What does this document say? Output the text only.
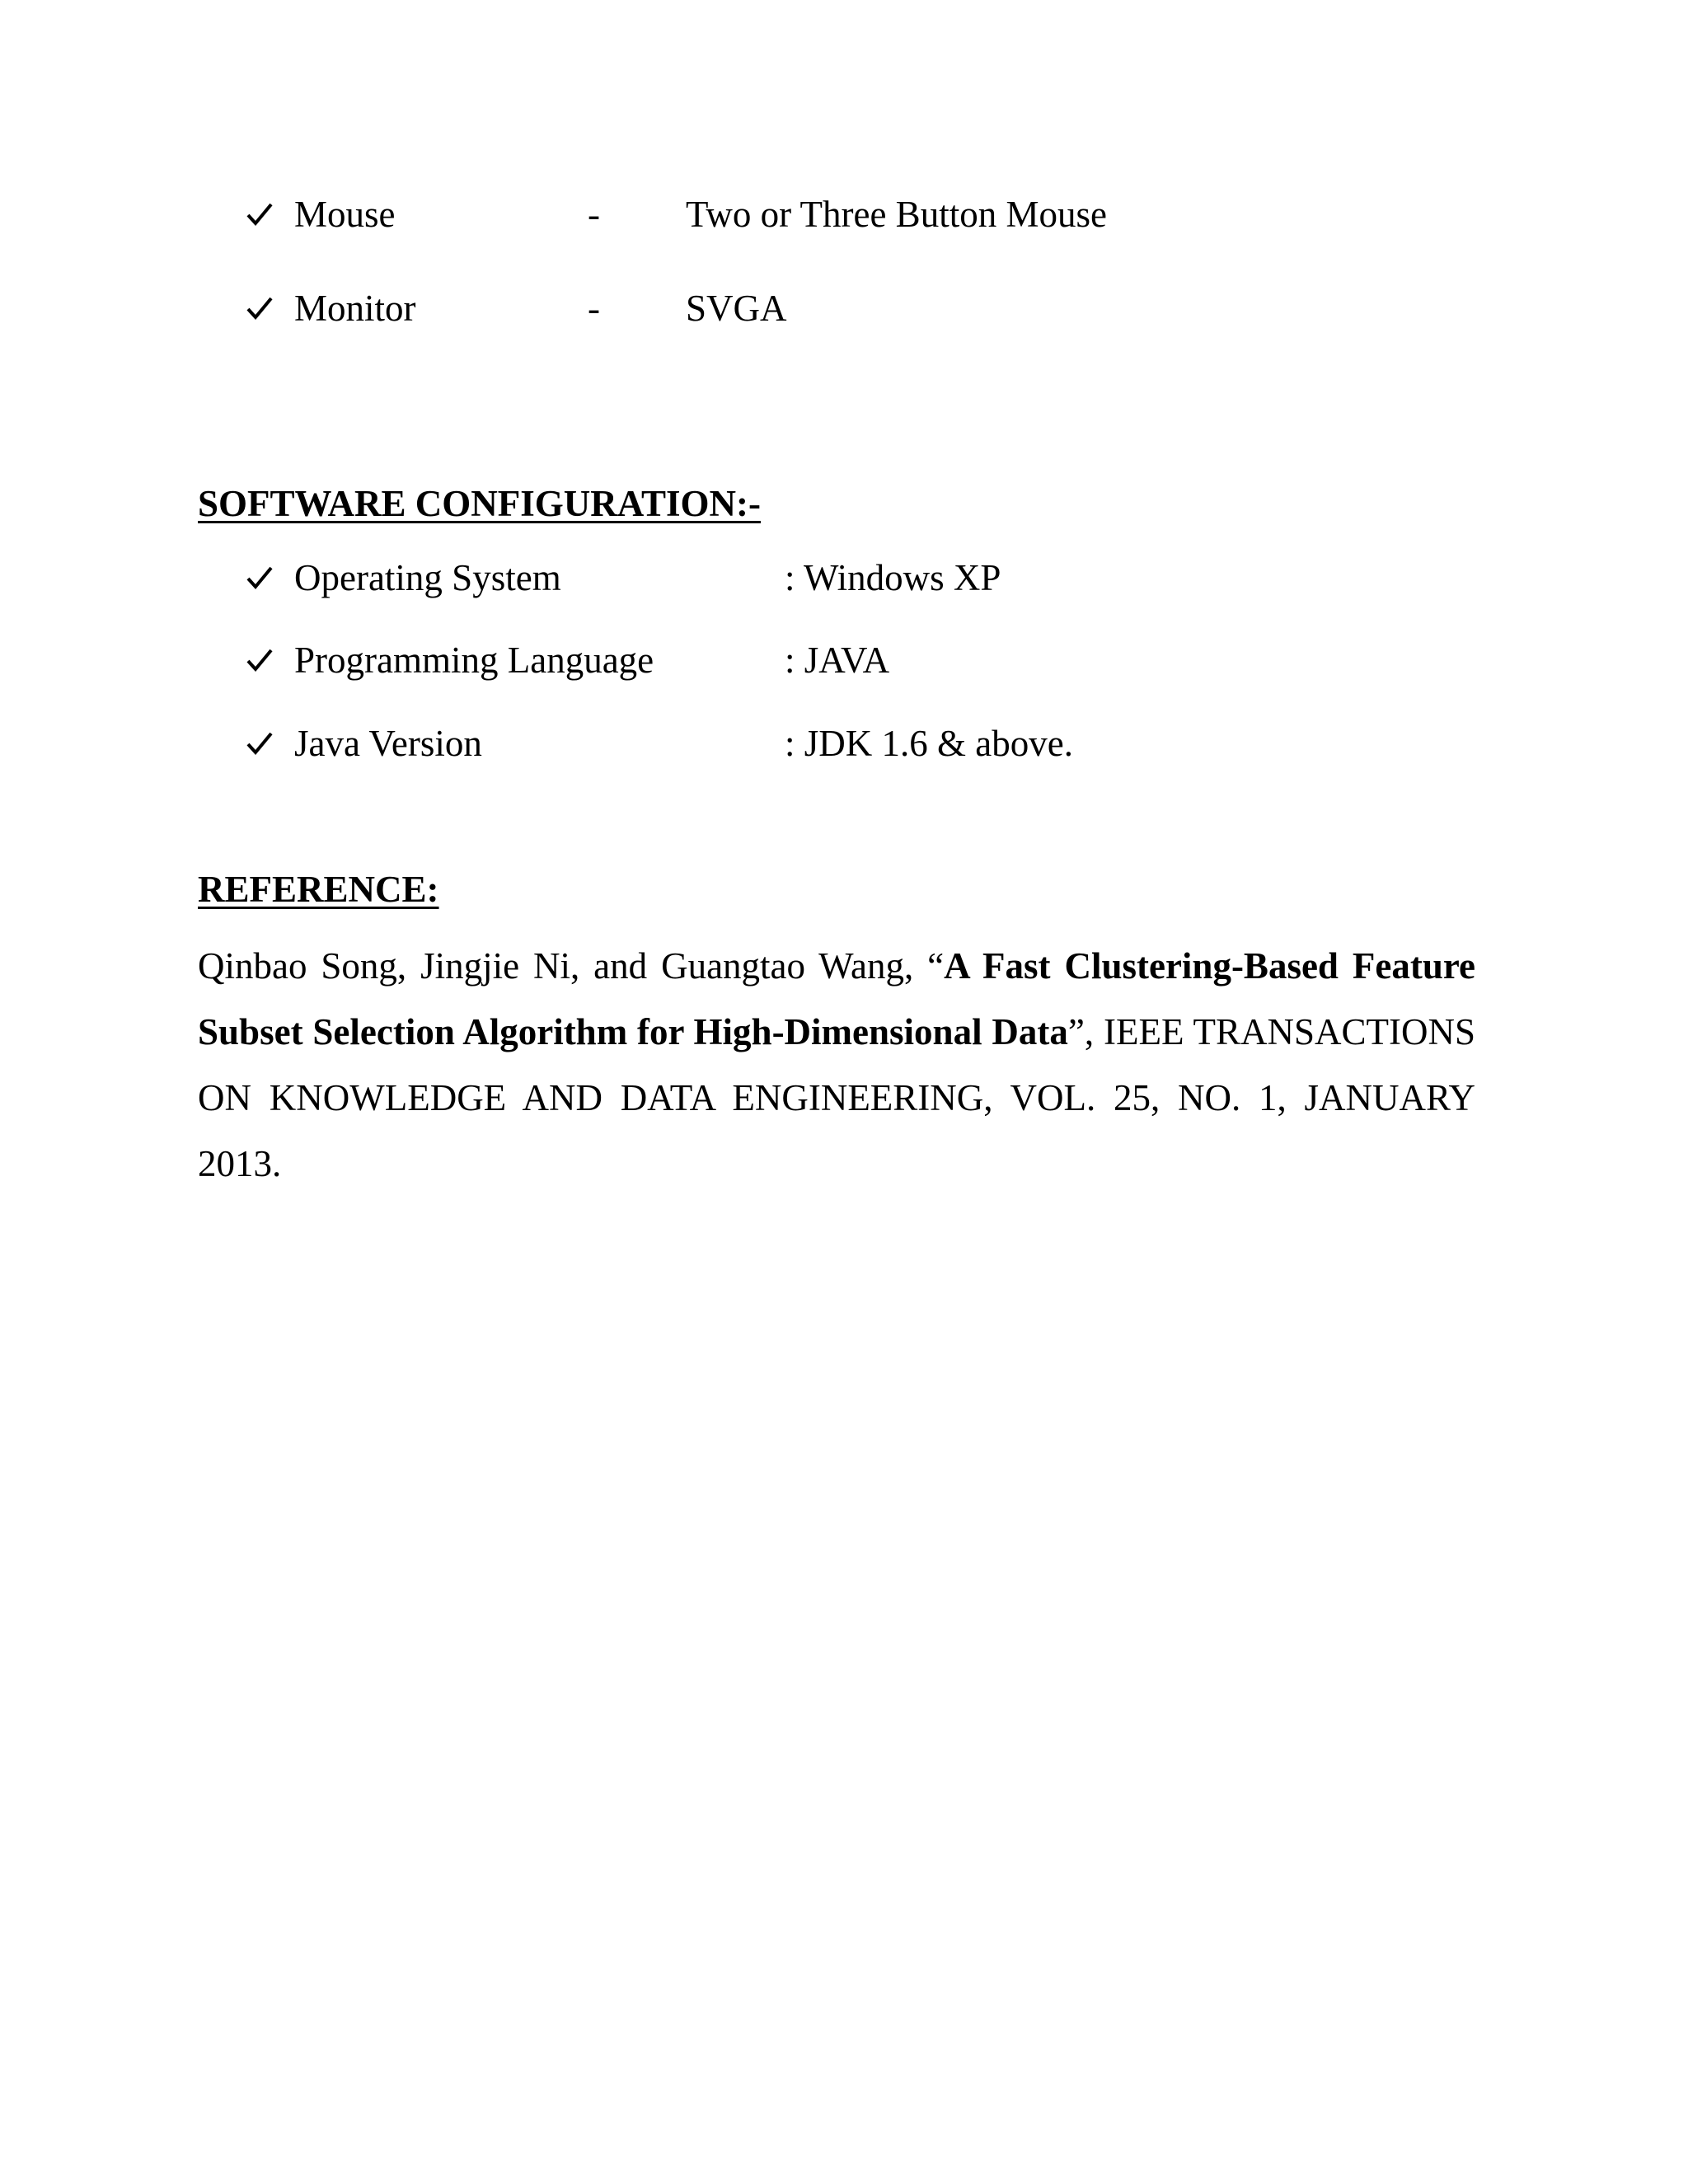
Mouse	- Two or Three Button Mouse
Monitor	- SVGA
SOFTWARE CONFIGURATION:-
Operating System	: Windows XP
Programming Language	: JAVA
Java Version	: JDK 1.6 & above.
REFERENCE:
Qinbao Song, Jingjie Ni, and Guangtao Wang, “A Fast Clustering-Based Feature Subset Selection Algorithm for High-Dimensional Data”, IEEE TRANSACTIONS ON KNOWLEDGE AND DATA ENGINEERING, VOL. 25, NO. 1, JANUARY 2013.
